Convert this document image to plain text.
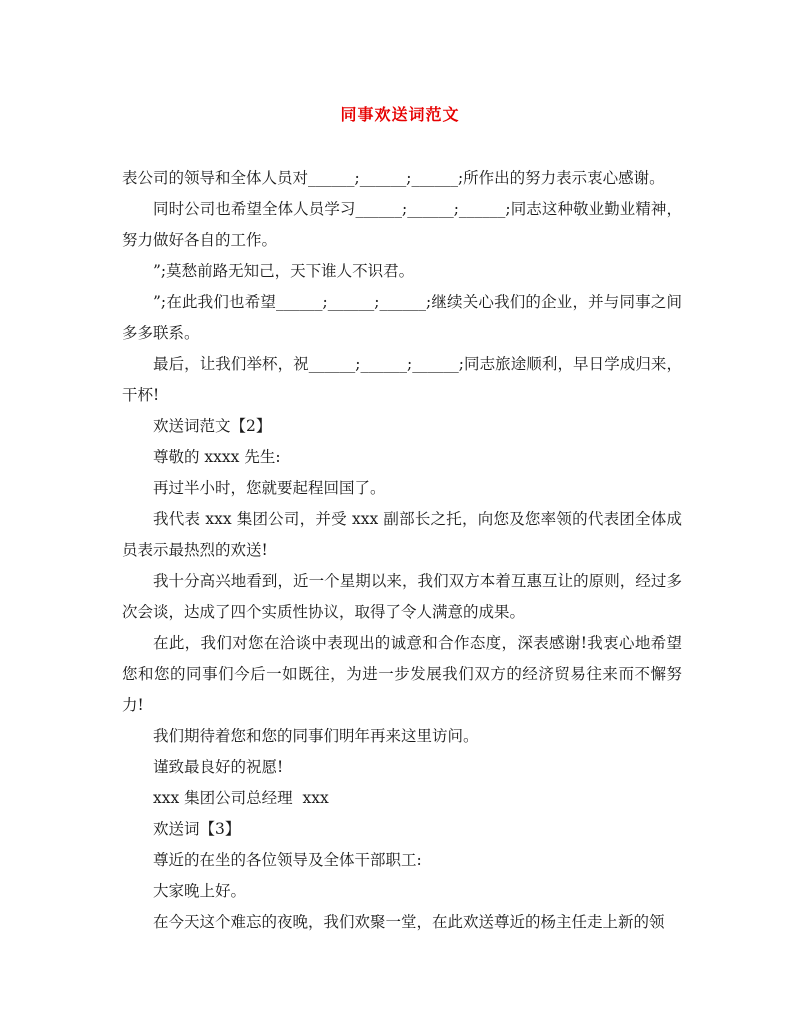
同事欢送词范文

表公司的领导和全体人员对______;______;______;所作出的努力表示衷心感谢。

同时公司也希望全体人员学习______;______;______;同志这种敬业勤业精神，努力做好各自的工作。

”;莫愁前路无知己，天下谁人不识君。

”;在此我们也希望______;______;______;继续关心我们的企业，并与同事之间多多联系。

最后，让我们举杯，祝______;______;______;同志旅途顺利，早日学成归来，干杯!

欢送词范文【2】

尊敬的 xxxx 先生:

再过半小时，您就要起程回国了。

我代表 xxx 集团公司，并受 xxx 副部长之托，向您及您率领的代表团全体成员表示最热烈的欢送!

我十分高兴地看到，近一个星期以来，我们双方本着互惠互让的原则，经过多次会谈，达成了四个实质性协议，取得了令人满意的成果。

在此，我们对您在洽谈中表现出的诚意和合作态度，深表感谢!我衷心地希望您和您的同事们今后一如既往，为进一步发展我们双方的经济贸易往来而不懈努力!

我们期待着您和您的同事们明年再来这里访问。

谨致最良好的祝愿!

xxx 集团公司总经理  xxx

欢送词【3】

尊近的在坐的各位领导及全体干部职工:

大家晚上好。

在今天这个难忘的夜晚，我们欢聚一堂，在此欢送尊近的杨主任走上新的领
